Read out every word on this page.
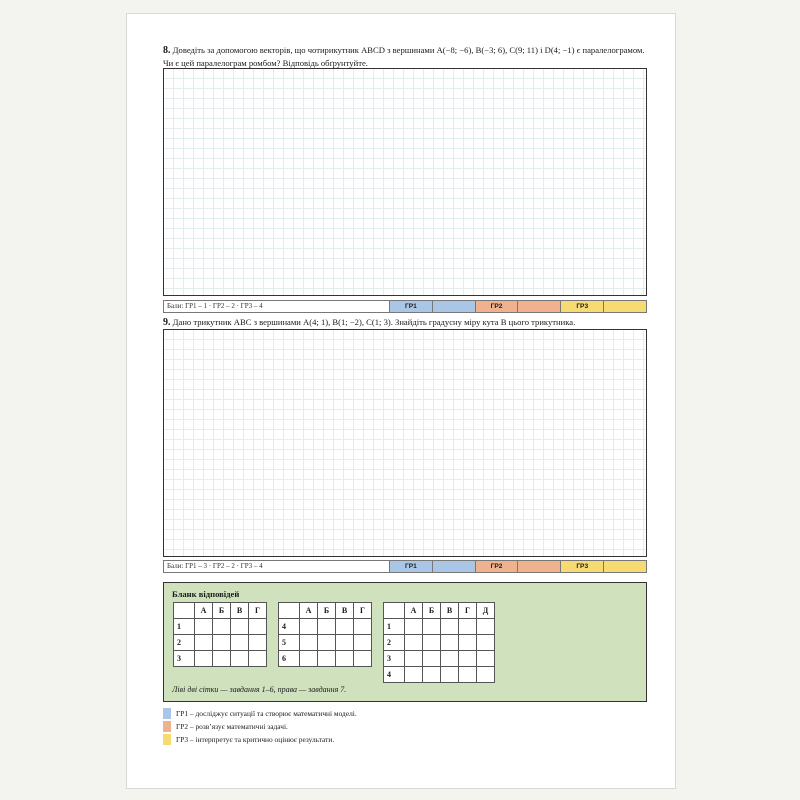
8. Доведіть за допомогою векторів, що чотирикутник ABCD з вершинами A(−8; −6), B(−3; 6), C(9; 11) і D(4; −1) є паралелограмом. Чи є цей паралелограм ромбом? Відповідь обґрунтуйте.
Бали: ГР1 – 1 · ГР2 – 2 · ГР3 – 4	ГР1	ГР2	ГР3
9. Дано трикутник ABC з вершинами A(4; 1), B(1; −2), C(1; 3). Знайдіть градусну міру кута B цього трикутника.
Бали: ГР1 – 3 · ГР2 – 2 · ГР3 – 4	ГР1	ГР2	ГР3
Бланк відповідей
	А	Б	В	Г
1				
2				
3				
	А	Б	В	Г
4				
5				
6				
	А	Б	В	Г	Д
1					
2					
3					
4					
Ліві дві сітки — завдання 1–6, права — завдання 7.
ГР1 – досліджує ситуації та створює математичні моделі.
ГР2 – розв’язує математичні задачі.
ГР3 – інтерпретує та критично оцінює результати.
